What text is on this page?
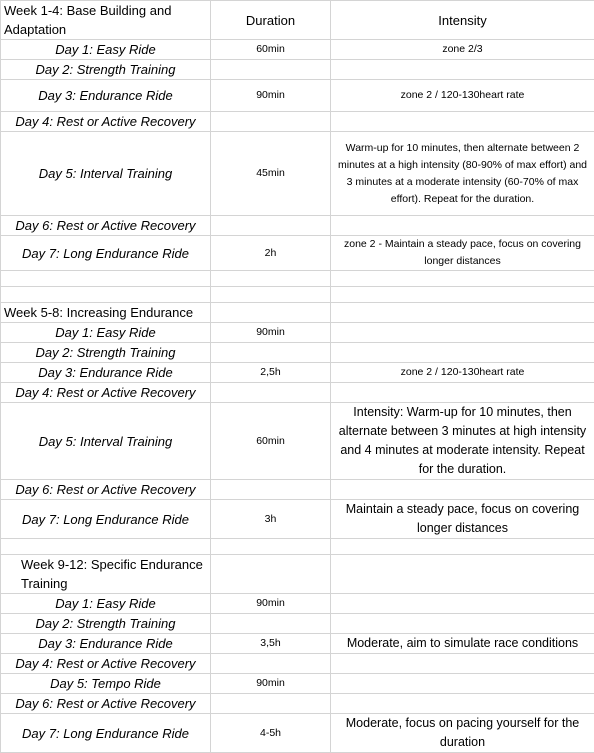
Week 1-4: Base Building and Adaptation	Duration	Intensity
Day 1: Easy Ride	60min	zone 2/3
Day 2: Strength Training		
Day 3: Endurance Ride	90min	zone 2 / 120-130heart rate
Day 4: Rest or Active Recovery		
Day 5: Interval Training	45min	Warm-up for 10 minutes, then alternate between 2 minutes at a high intensity (80-90% of max effort) and 3 minutes at a moderate intensity (60-70% of max effort). Repeat for the duration.
Day 6: Rest or Active Recovery		
Day 7: Long Endurance Ride	2h	zone 2 - Maintain a steady pace, focus on covering longer distances

Week 5-8: Increasing Endurance		
Day 1: Easy Ride	90min	
Day 2: Strength Training		
Day 3: Endurance Ride	2,5h	zone 2 / 120-130heart rate
Day 4: Rest or Active Recovery		
Day 5: Interval Training	60min	Intensity: Warm-up for 10 minutes, then alternate between 3 minutes at high intensity and 4 minutes at moderate intensity. Repeat for the duration.
Day 6: Rest or Active Recovery		
Day 7: Long Endurance Ride	3h	Maintain a steady pace, focus on covering longer distances

Week 9-12: Specific Endurance Training		
Day 1: Easy Ride	90min	
Day 2: Strength Training		
Day 3: Endurance Ride	3,5h	Moderate, aim to simulate race conditions
Day 4: Rest or Active Recovery		
Day 5: Tempo Ride	90min	
Day 6: Rest or Active Recovery		
Day 7: Long Endurance Ride	4-5h	Moderate, focus on pacing yourself for the duration
